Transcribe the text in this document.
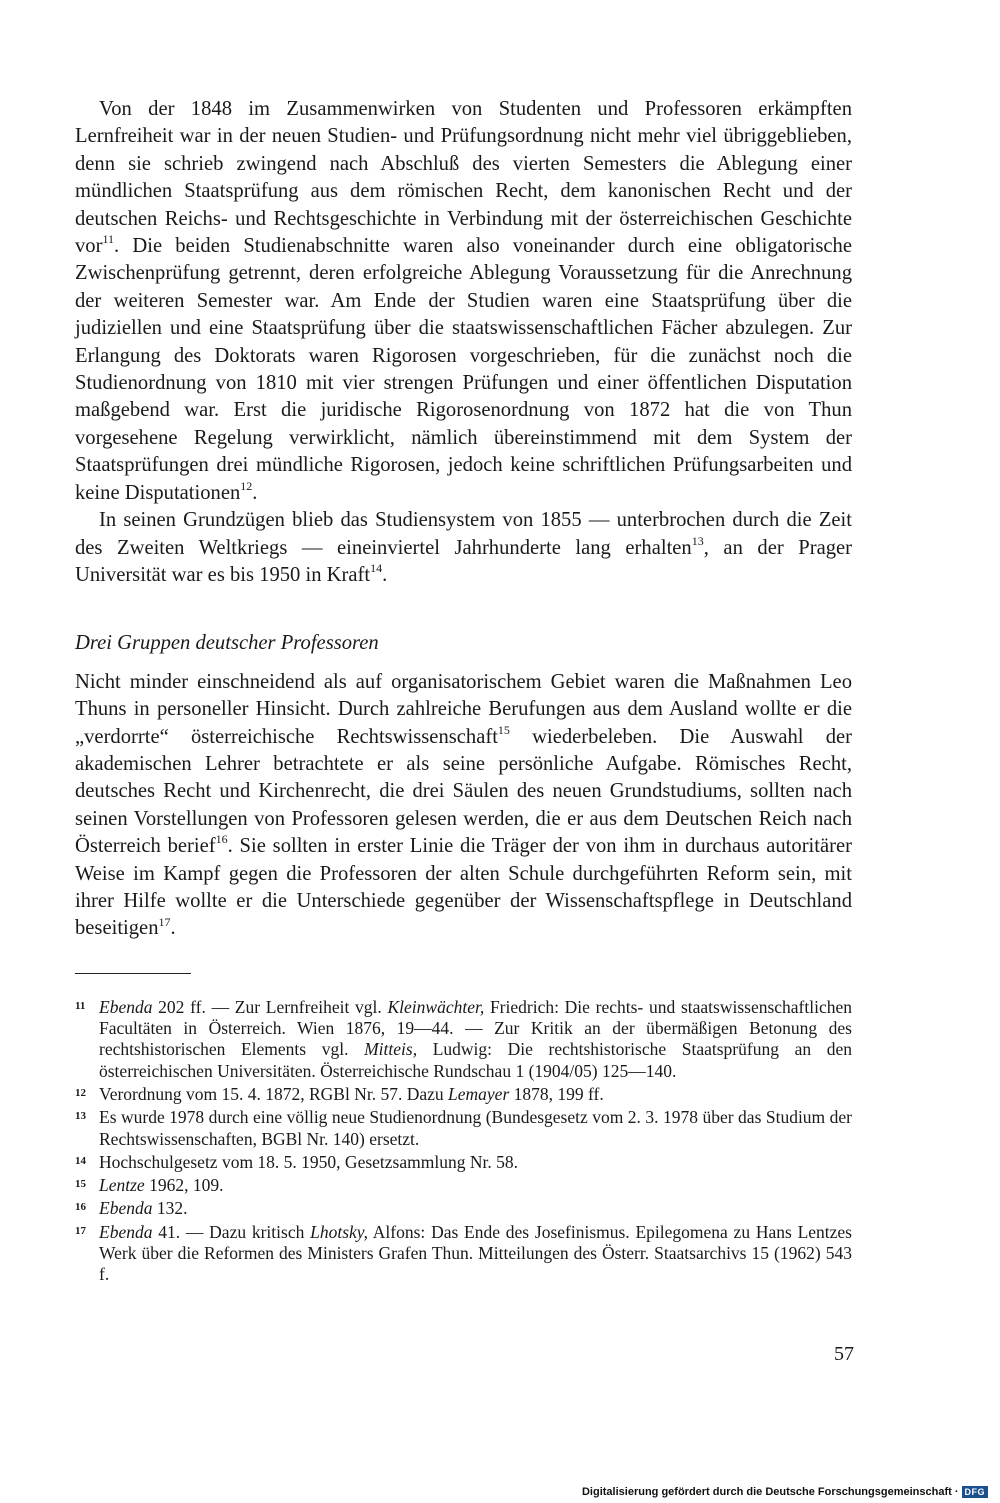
Von der 1848 im Zusammenwirken von Studenten und Professoren erkämpften Lernfreiheit war in der neuen Studien- und Prüfungsordnung nicht mehr viel übriggeblieben, denn sie schrieb zwingend nach Abschluß des vierten Semesters die Ablegung einer mündlichen Staatsprüfung aus dem römischen Recht, dem kanonischen Recht und der deutschen Reichs- und Rechtsgeschichte in Verbindung mit der österreichischen Geschichte vor$^{11}$. Die beiden Studienabschnitte waren also voneinander durch eine obligatorische Zwischenprüfung getrennt, deren erfolgreiche Ablegung Voraussetzung für die Anrechnung der weiteren Semester war. Am Ende der Studien waren eine Staatsprüfung über die judiziellen und eine Staatsprüfung über die staatswissenschaftlichen Fächer abzulegen. Zur Erlangung des Doktorats waren Rigorosen vorgeschrieben, für die zunächst noch die Studienordnung von 1810 mit vier strengen Prüfungen und einer öffentlichen Disputation maßgebend war. Erst die juridische Rigorosenordnung von 1872 hat die von Thun vorgesehene Regelung verwirklicht, nämlich übereinstimmend mit dem System der Staatsprüfungen drei mündliche Rigorosen, jedoch keine schriftlichen Prüfungsarbeiten und keine Disputationen$^{12}$.

In seinen Grundzügen blieb das Studiensystem von 1855 — unterbrochen durch die Zeit des Zweiten Weltkriegs — eineinviertel Jahrhunderte lang erhalten$^{13}$, an der Prager Universität war es bis 1950 in Kraft$^{14}$.

Drei Gruppen deutscher Professoren

Nicht minder einschneidend als auf organisatorischem Gebiet waren die Maßnahmen Leo Thuns in personeller Hinsicht. Durch zahlreiche Berufungen aus dem Ausland wollte er die „verdorrte“ österreichische Rechtswissenschaft$^{15}$ wiederbeleben. Die Auswahl der akademischen Lehrer betrachtete er als seine persönliche Aufgabe. Römisches Recht, deutsches Recht und Kirchenrecht, die drei Säulen des neuen Grundstudiums, sollten nach seinen Vorstellungen von Professoren gelesen werden, die er aus dem Deutschen Reich nach Österreich berief$^{16}$. Sie sollten in erster Linie die Träger der von ihm in durchaus autoritärer Weise im Kampf gegen die Professoren der alten Schule durchgeführten Reform sein, mit ihrer Hilfe wollte er die Unterschiede gegenüber der Wissenschaftspflege in Deutschland beseitigen$^{17}$.

11 Ebenda 202 ff. — Zur Lernfreiheit vgl. Kleinwächter, Friedrich: Die rechts- und staatswissenschaftlichen Facultäten in Österreich. Wien 1876, 19—44. — Zur Kritik an der übermäßigen Betonung des rechtshistorischen Elements vgl. Mitteis, Ludwig: Die rechtshistorische Staatsprüfung an den österreichischen Universitäten. Österreichische Rundschau 1 (1904/05) 125—140.
12 Verordnung vom 15. 4. 1872, RGBl Nr. 57. Dazu Lemayer 1878, 199 ff.
13 Es wurde 1978 durch eine völlig neue Studienordnung (Bundesgesetz vom 2. 3. 1978 über das Studium der Rechtswissenschaften, BGBl Nr. 140) ersetzt.
14 Hochschulgesetz vom 18. 5. 1950, Gesetzsammlung Nr. 58.
15 Lentze 1962, 109.
16 Ebenda 132.
17 Ebenda 41. — Dazu kritisch Lhotsky, Alfons: Das Ende des Josefinismus. Epilegomena zu Hans Lentzes Werk über die Reformen des Ministers Grafen Thun. Mitteilungen des Österr. Staatsarchivs 15 (1962) 543 f.
57
Digitalisierung gefördert durch die Deutsche Forschungsgemeinschaft · DFG
